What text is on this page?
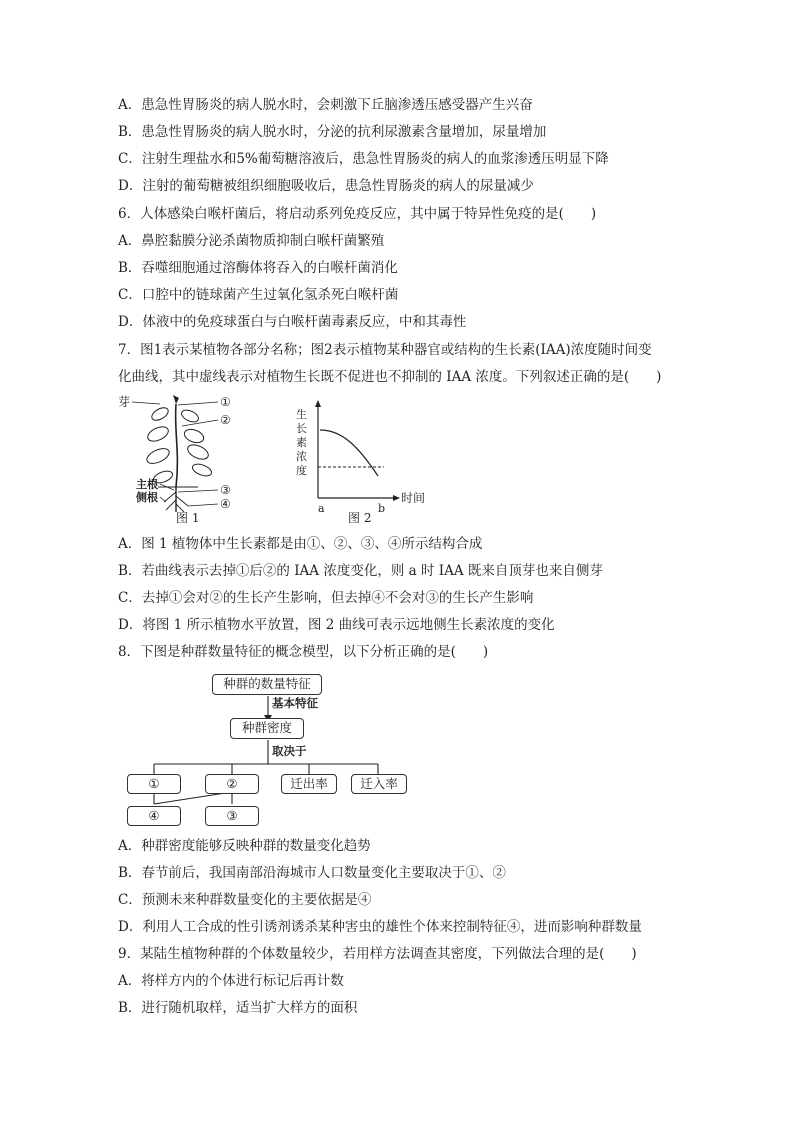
A．患急性胃肠炎的病人脱水时，会刺激下丘脑渗透压感受器产生兴奋
B．患急性胃肠炎的病人脱水时，分泌的抗利尿激素含量增加，尿量增加
C．注射生理盐水和5%葡萄糖溶液后，患急性胃肠炎的病人的血浆渗透压明显下降
D．注射的葡萄糖被组织细胞吸收后，患急性胃肠炎的病人的尿量减少
6．人体感染白喉杆菌后，将启动系列免疫反应，其中属于特异性免疫的是(　　)
A．鼻腔黏膜分泌杀菌物质抑制白喉杆菌繁殖
B．吞噬细胞通过溶酶体将吞入的白喉杆菌消化
C．口腔中的链球菌产生过氧化氢杀死白喉杆菌
D．体液中的免疫球蛋白与白喉杆菌毒素反应，中和其毒性
7．图1表示某植物各部分名称；图2表示植物某种器官或结构的生长素(IAA)浓度随时间变
化曲线，其中虚线表示对植物生长既不促进也不抑制的 IAA 浓度。下列叙述正确的是(　　)
芽	①
②
③
④
主根
侧根
图 1
生
长
素
浓
度
a	b
时间
图 2
A．图 1 植物体中生长素都是由①、②、③、④所示结构合成
B．若曲线表示去掉①后②的 IAA 浓度变化，则 a 时 IAA 既来自顶芽也来自侧芽
C．去掉①会对②的生长产生影响，但去掉④不会对③的生长产生影响
D．将图 1 所示植物水平放置，图 2 曲线可表示远地侧生长素浓度的变化
8．下图是种群数量特征的概念模型，以下分析正确的是(　　)
种群的数量特征
基本特征
种群密度
取决于
①	②	迁出率	迁入率
④	③
A．种群密度能够反映种群的数量变化趋势
B．春节前后，我国南部沿海城市人口数量变化主要取决于①、②
C．预测未来种群数量变化的主要依据是④
D．利用人工合成的性引诱剂诱杀某种害虫的雄性个体来控制特征④，进而影响种群数量
9．某陆生植物种群的个体数量较少，若用样方法调查其密度，下列做法合理的是(　　)
A．将样方内的个体进行标记后再计数
B．进行随机取样，适当扩大样方的面积
